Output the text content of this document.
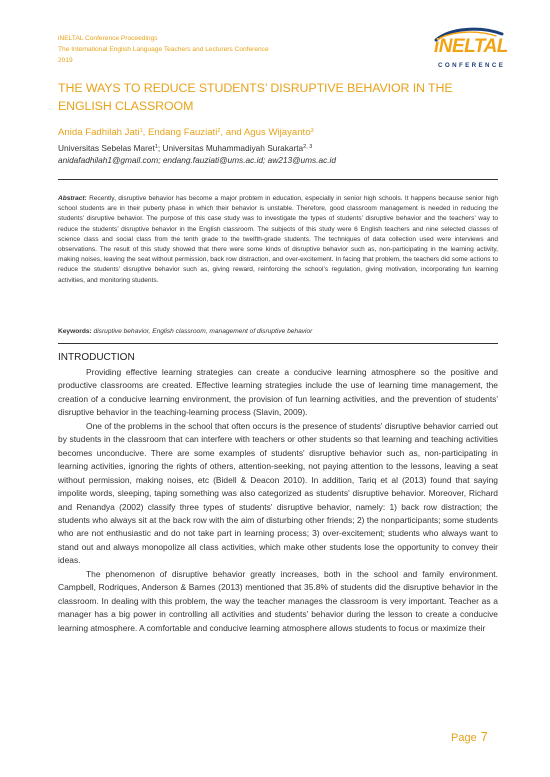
iNELTAL Conference Proceedings
The International English Language Teachers and Lecturers Conference
2019
iNELTAL
CONFERENCE
THE WAYS TO REDUCE STUDENTS’ DISRUPTIVE BEHAVIOR IN THE ENGLISH CLASSROOM
Anida Fadhilah Jati$^1$, Endang Fauziati$^2$, and Agus Wijayanto$^3$
Universitas Sebelas Maret$^1$; Universitas Muhammadiyah Surakarta$^{2, 3}$
anidafadhilah1@gmail.com; endang.fauziati@ums.ac.id; aw213@ums.ac.id
Abstract: Recently, disruptive behavior has become a major problem in education, especially in senior high schools. It happens because senior high school students are in their puberty phase in which their behavior is unstable. Therefore, good classroom management is needed in reducing the students’ disruptive behavior. The purpose of this case study was to investigate the types of students’ disruptive behavior and the teachers’ way to reduce the students’ disruptive behavior in the English classroom. The subjects of this study were 6 English teachers and nine selected classes of science class and social class from the tenth grade to the twelfth-grade students. The techniques of data collection used were interviews and observations. The result of this study showed that there were some kinds of disruptive behavior such as, non-participating in the learning activity, making noises, leaving the seat without permission, back row distraction, and over-excitement. In facing that problem, the teachers did some actions to reduce the students’ disruptive behavior such as, giving reward, reinforcing the school’s regulation, giving motivation, incorporating fun learning activities, and monitoring students.
Keywords: disruptive behavior, English classroom, management of disruptive behavior
INTRODUCTION

Providing effective learning strategies can create a conducive learning atmosphere so the positive and productive classrooms are created. Effective learning strategies include the use of learning time management, the creation of a conducive learning environment, the provision of fun learning activities, and the prevention of students' disruptive behavior in the teaching-learning process (Slavin, 2009).

One of the problems in the school that often occurs is the presence of students' disruptive behavior carried out by students in the classroom that can interfere with teachers or other students so that learning and teaching activities becomes unconducive. There are some examples of students' disruptive behavior such as, non-participating in learning activities, ignoring the rights of others, attention-seeking, not paying attention to the lessons, leaving a seat without permission, making noises, etc (Bidell & Deacon 2010). In addition, Tariq et al (2013) found that saying impolite words, sleeping, taping something was also categorized as students' disruptive behavior. Moreover, Richard and Renandya (2002) classify three types of students' disruptive behavior, namely: 1) back row distraction; the students who always sit at the back row with the aim of disturbing other friends; 2) the nonparticipants; some students who are not enthusiastic and do not take part in learning process; 3) over-excitement; students who always want to stand out and always monopolize all class activities, which make other students lose the opportunity to convey their ideas.

The phenomenon of disruptive behavior greatly increases, both in the school and family environment. Campbell, Rodriques, Anderson & Barnes (2013) mentioned that 35.8% of students did the disruptive behavior in the classroom. In dealing with this problem, the way the teacher manages the classroom is very important. Teacher as a manager has a big power in controlling all activities and students' behavior during the lesson to create a conducive learning atmosphere. A comfortable and conducive learning atmosphere allows students to focus or maximize their

Page 7
